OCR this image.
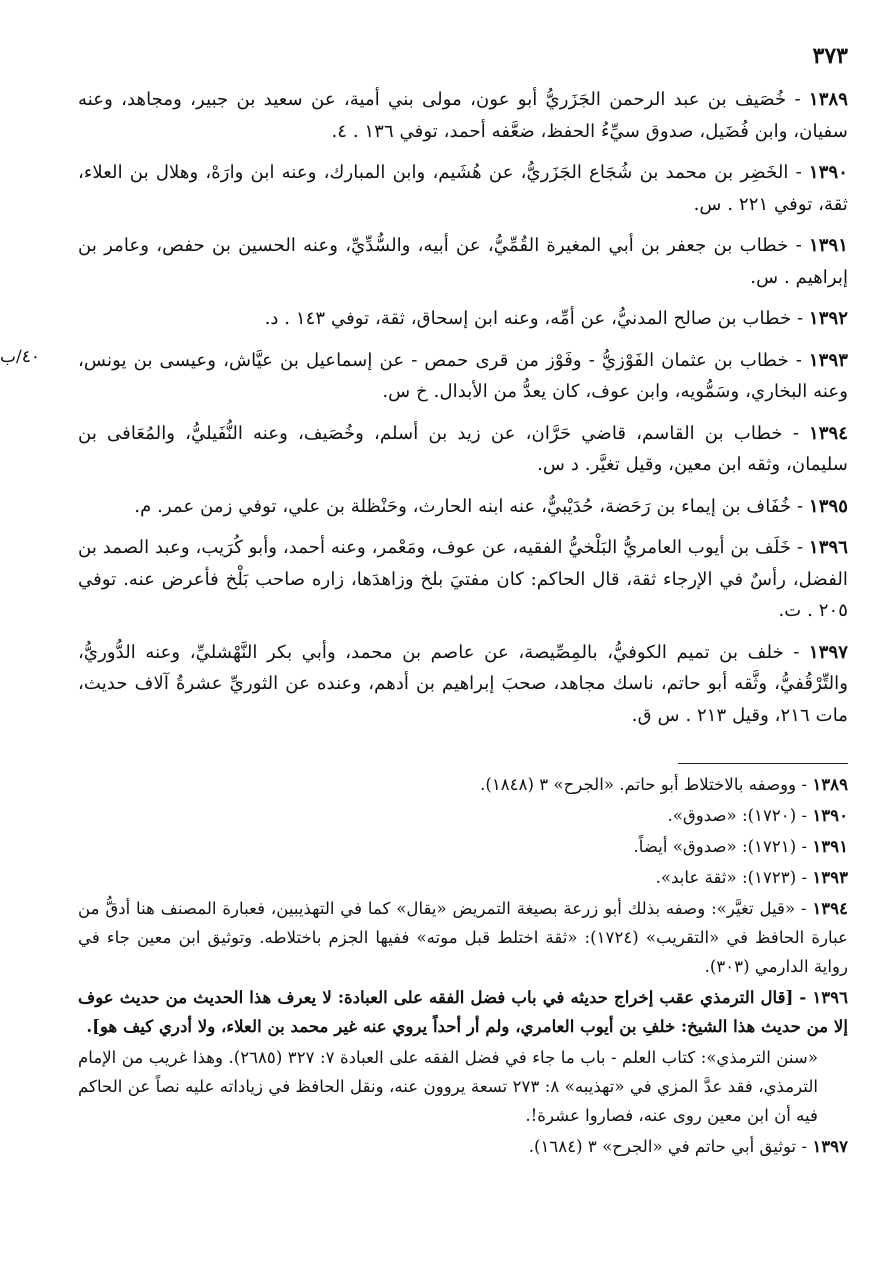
٣٧٣
٤٠/ب

١٣٨٩ - خُصَيف بن عبد الرحمن الجَزَريُّ أبو عون، مولى بني أمية، عن سعيد بن جبير، ومجاهد، وعنه سفيان، وابن فُضَيل، صدوق سيِّءُ الحفظ، ضعَّفه أحمد، توفي ١٣٦ . ٤.

١٣٩٠ - الخَضِر بن محمد بن شُجَاع الجَزَريُّ، عن هُشَيم، وابن المبارك، وعنه ابن وارَهْ، وهلال بن العلاء، ثقة، توفي ٢٢١ . س.

١٣٩١ - خطاب بن جعفر بن أبي المغيرة القُمِّيُّ، عن أبيه، والسُّدِّيِّ، وعنه الحسين بن حفص، وعامر بن إبراهيم . س.

١٣٩٢ - خطاب بن صالح المدنيُّ، عن أمِّه، وعنه ابن إسحاق، ثقة، توفي ١٤٣ . د.

١٣٩٣ - خطاب بن عثمان الفَوْزيُّ - وفَوْز من قرى حمص - عن إسماعيل بن عيَّاش، وعيسى بن يونس، وعنه البخاري، وسَمُّويه، وابن عوف، كان يعدُّ من الأبدال. خ س.

١٣٩٤ - خطاب بن القاسم، قاضي حَرَّان، عن زيد بن أسلم، وخُصَيف، وعنه النُّفَيليُّ، والمُعَافى بن سليمان، وثقه ابن معين، وقيل تغيَّر. د س.

١٣٩٥ - خُفَاف بن إيماء بن رَحَضة، حُدَيْبيٌّ، عنه ابنه الحارث، وحَنْظلة بن علي، توفي زمن عمر. م.

١٣٩٦ - خَلَف بن أيوب العامريُّ البَلْخيُّ الفقيه، عن عوف، ومَعْمر، وعنه أحمد، وأبو كُرَيب، وعبد الصمد بن الفضل، رأسٌ في الإرجاء ثقة، قال الحاكم: كان مفتيَ بلخ وزاهدَها، زاره صاحب بَلْخ فأعرض عنه. توفي ٢٠٥ . ت.

١٣٩٧ - خلف بن تميم الكوفيُّ، بالمِصِّيصة، عن عاصم بن محمد، وأبي بكر النَّهْشليِّ، وعنه الدُّوريُّ، والتِّرْقُفيُّ، وثَّقه أبو حاتم، ناسك مجاهد، صحبَ إبراهيم بن أدهم، وعنده عن الثوريِّ عشرةُ آلاف حديث، مات ٢١٦، وقيل ٢١٣ . س ق.

١٣٨٩ - ووصفه بالاختلاط أبو حاتم. «الجرح» ٣ (١٨٤٨).

١٣٩٠ - (١٧٢٠): «صدوق».

١٣٩١ - (١٧٢١): «صدوق» أيضاً.

١٣٩٣ - (١٧٢٣): «ثقة عابد».

١٣٩٤ - «قيل تغيَّر»: وصفه بذلك أبو زرعة بصيغة التمريض «يقال» كما في التهذيبين، فعبارة المصنف هنا أدقُّ من عبارة الحافظ في «التقريب» (١٧٢٤): «ثقة اختلط قبل موته» ففيها الجزم باختلاطه. وتوثيق ابن معين جاء في رواية الدارمي (٣٠٣).

١٣٩٦ - [قال الترمذي عقب إخراج حديثه في باب فضل الفقه على العبادة: لا يعرف هذا الحديث من حديث عوف إلا من حديث هذا الشيخ: خلفِ بن أيوب العامري، ولم أر أحداً يروي عنه غير محمد بن العلاء، ولا أدري كيف هو].

«سنن الترمذي»: كتاب العلم - باب ما جاء في فضل الفقه على العبادة ٧: ٣٢٧ (٢٦٨٥). وهذا غريب من الإمام الترمذي، فقد عدَّ المزي في «تهذيبه» ٨: ٢٧٣ تسعة يروون عنه، ونقل الحافظ في زياداته عليه نصاً عن الحاكم فيه أن ابن معين روى عنه، فصاروا عشرة!.

١٣٩٧ - توثيق أبي حاتم في «الجرح» ٣ (١٦٨٤).
